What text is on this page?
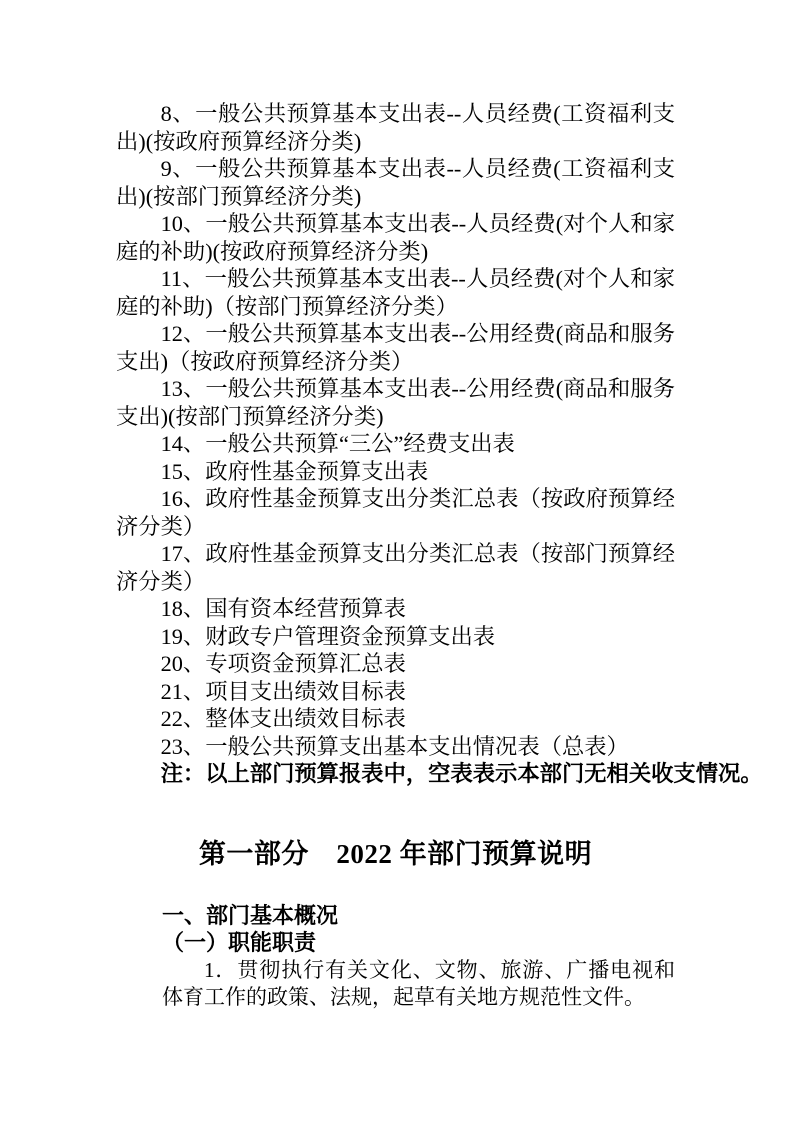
8、一般公共预算基本支出表--人员经费(工资福利支出)(按政府预算经济分类)

9、一般公共预算基本支出表--人员经费(工资福利支出)(按部门预算经济分类)

10、一般公共预算基本支出表--人员经费(对个人和家庭的补助)(按政府预算经济分类)

11、一般公共预算基本支出表--人员经费(对个人和家庭的补助)（按部门预算经济分类）

12、一般公共预算基本支出表--公用经费(商品和服务支出)（按政府预算经济分类）

13、一般公共预算基本支出表--公用经费(商品和服务支出)(按部门预算经济分类)

14、一般公共预算“三公”经费支出表

15、政府性基金预算支出表

16、政府性基金预算支出分类汇总表（按政府预算经济分类）

17、政府性基金预算支出分类汇总表（按部门预算经济分类）

18、国有资本经营预算表

19、财政专户管理资金预算支出表

20、专项资金预算汇总表

21、项目支出绩效目标表

22、整体支出绩效目标表

23、一般公共预算支出基本支出情况表（总表）

注：以上部门预算报表中，空表表示本部门无相关收支情况。

第一部分　2022 年部门预算说明
一、部门基本概况
（一）职能职责

1．贯彻执行有关文化、文物、旅游、广播电视和体育工作的政策、法规，起草有关地方规范性文件。
